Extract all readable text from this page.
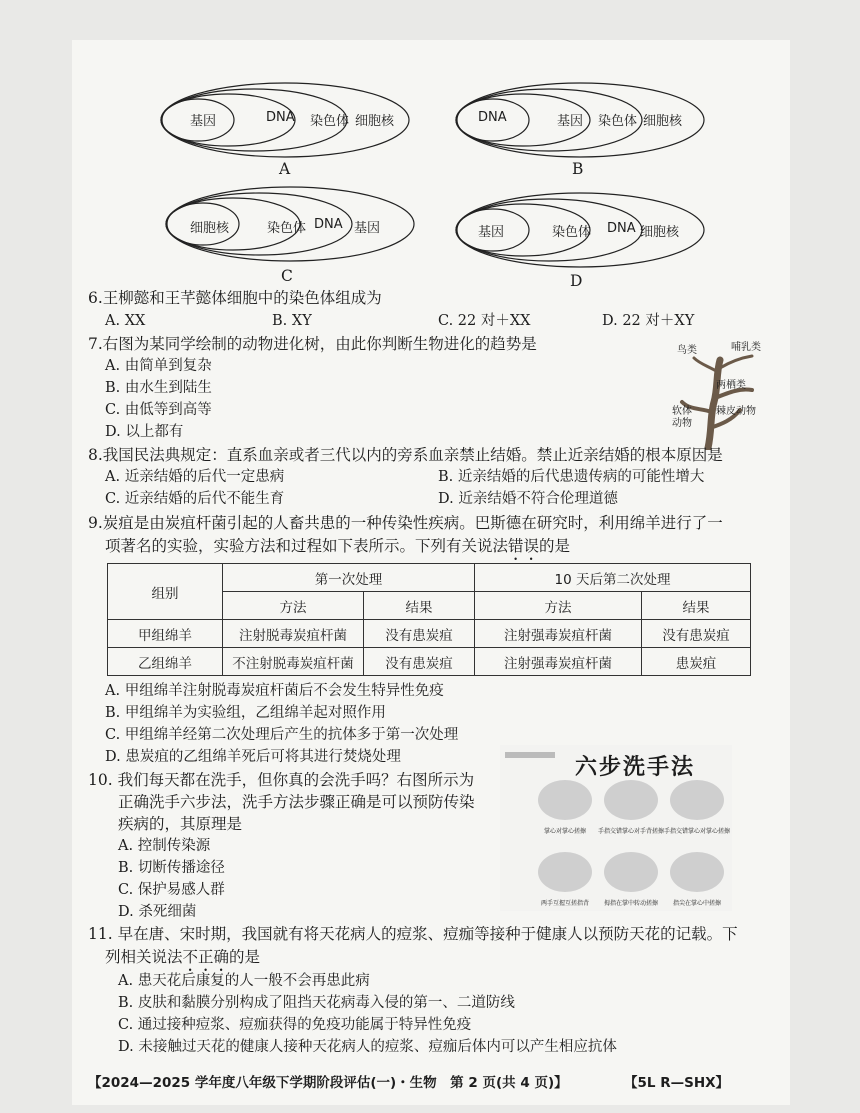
基因	DNA 染色体 细胞核
A
DNA	基因 染色体 细胞核
B
细胞核	染色体 DNA 基因
C
基因	染色体 DNA 细胞核
D
6.王柳懿和王芊懿体细胞中的染色体组成为
A. XX	B. XY	C. 22 对＋XX	D. 22 对＋XY
7.右图为某同学绘制的动物进化树，由此你判断生物进化的趋势是
A. 由简单到复杂
B. 由水生到陆生
C. 由低等到高等
D. 以上都有
鸟类	哺乳类
两栖类
软体
动物
棘皮动物
8.我国民法典规定：直系血亲或者三代以内的旁系血亲禁止结婚。禁止近亲结婚的根本原因是
A. 近亲结婚的后代一定患病	B. 近亲结婚的后代患遗传病的可能性增大
C. 近亲结婚的后代不能生育	D. 近亲结婚不符合伦理道德
9.炭疽是由炭疽杆菌引起的人畜共患的一种传染性疾病。巴斯德在研究时，利用绵羊进行了一
项著名的实验，实验方法和过程如下表所示。下列有关说法错误的是
组别	第一次处理		10 天后第二次处理	
	方法	结果	方法	结果
甲组绵羊	注射脱毒炭疽杆菌	没有患炭疽	注射强毒炭疽杆菌	没有患炭疽
乙组绵羊	不注射脱毒炭疽杆菌	没有患炭疽	注射强毒炭疽杆菌	患炭疽
A. 甲组绵羊注射脱毒炭疽杆菌后不会发生特异性免疫
B. 甲组绵羊为实验组，乙组绵羊起对照作用
C. 甲组绵羊经第二次处理后产生的抗体多于第一次处理
D. 患炭疽的乙组绵羊死后可将其进行焚烧处理
10. 我们每天都在洗手，但你真的会洗手吗？右图所示为
正确洗手六步法，洗手方法步骤正确是可以预防传染
疾病的，其原理是
A. 控制传染源
B. 切断传播途径
C. 保护易感人群
D. 杀死细菌
六步洗手法
掌心对掌心搓擦	手指交错掌心对手背搓擦 手指交错掌心对掌心搓擦
两手互握互搓指背	拇指在掌中转动搓擦	指尖在掌心中搓擦
11. 早在唐、宋时期，我国就有将天花病人的痘浆、痘痂等接种于健康人以预防天花的记载。下
列相关说法不正确的是
A. 患天花后康复的人一般不会再患此病
B. 皮肤和黏膜分别构成了阻挡天花病毒入侵的第一、二道防线
C. 通过接种痘浆、痘痂获得的免疫功能属于特异性免疫
D. 未接触过天花的健康人接种天花病人的痘浆、痘痂后体内可以产生相应抗体
【2024—2025 学年度八年级下学期阶段评估(一)・生物　第 2 页(共 4 页)】	【5L R—SHX】
